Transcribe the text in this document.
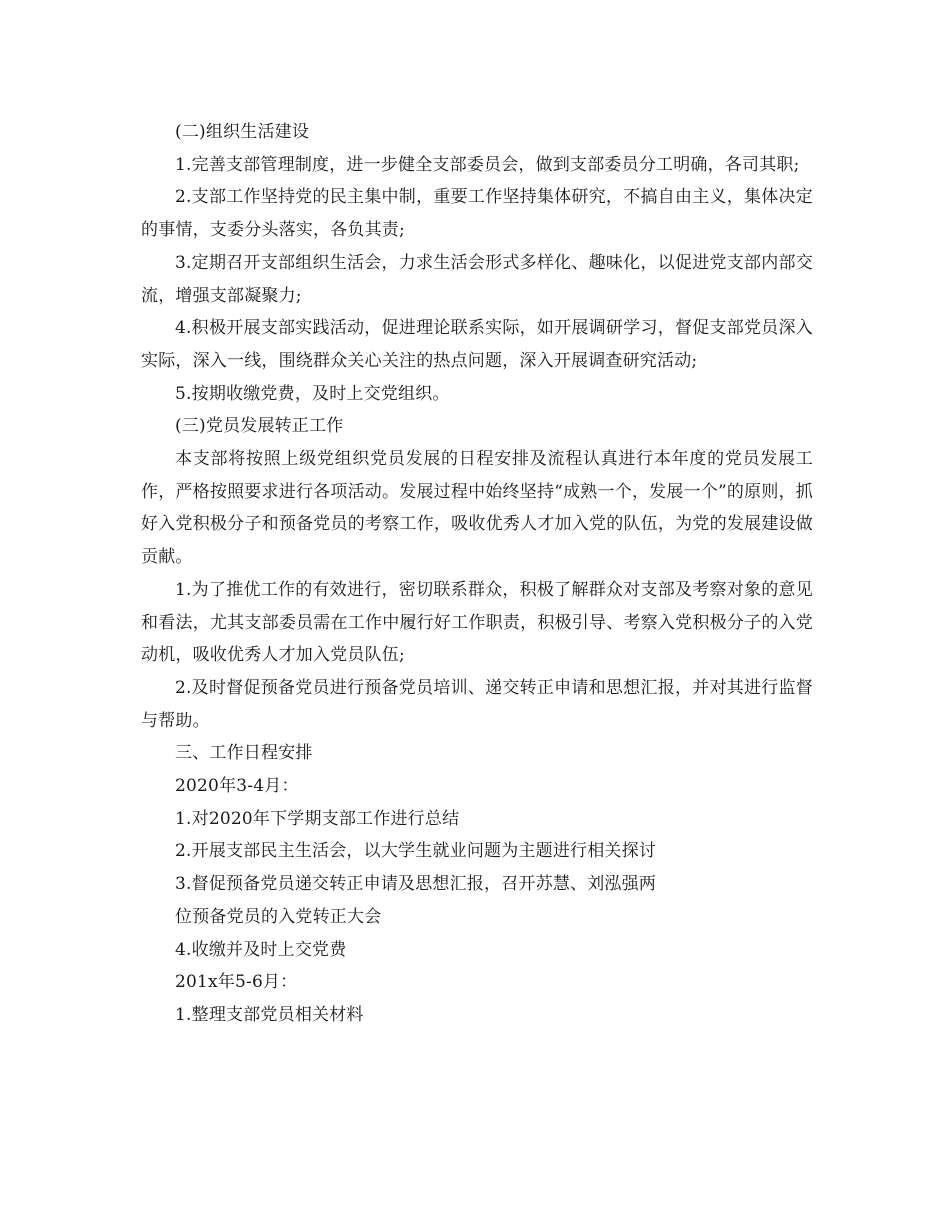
(二)组织生活建设

1.完善支部管理制度，进一步健全支部委员会，做到支部委员分工明确，各司其职;

2.支部工作坚持党的民主集中制，重要工作坚持集体研究，不搞自由主义，集体决定的事情，支委分头落实，各负其责;

3.定期召开支部组织生活会，力求生活会形式多样化、趣味化，以促进党支部内部交流，增强支部凝聚力;

4.积极开展支部实践活动，促进理论联系实际，如开展调研学习，督促支部党员深入实际，深入一线，围绕群众关心关注的热点问题，深入开展调查研究活动;

5.按期收缴党费，及时上交党组织。

(三)党员发展转正工作

本支部将按照上级党组织党员发展的日程安排及流程认真进行本年度的党员发展工作，严格按照要求进行各项活动。发展过程中始终坚持“成熟一个，发展一个”的原则，抓好入党积极分子和预备党员的考察工作，吸收优秀人才加入党的队伍，为党的发展建设做贡献。

1.为了推优工作的有效进行，密切联系群众，积极了解群众对支部及考察对象的意见和看法，尤其支部委员需在工作中履行好工作职责，积极引导、考察入党积极分子的入党动机，吸收优秀人才加入党员队伍;

2.及时督促预备党员进行预备党员培训、递交转正申请和思想汇报，并对其进行监督与帮助。

三、工作日程安排

2020年3-4月：

1.对2020年下学期支部工作进行总结

2.开展支部民主生活会，以大学生就业问题为主题进行相关探讨

3.督促预备党员递交转正申请及思想汇报，召开苏慧、刘泓强两

位预备党员的入党转正大会

4.收缴并及时上交党费

201x年5-6月：

1.整理支部党员相关材料
